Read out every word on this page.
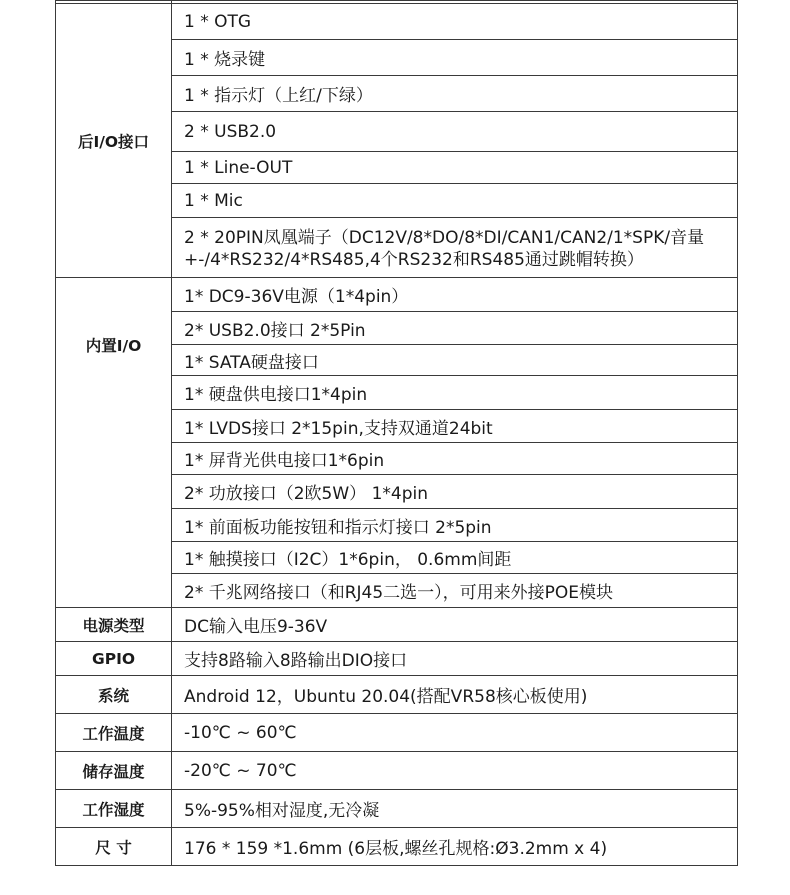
后I/O接口	1 * OTG
	1 * 烧录键
	1 * 指示灯（上红/下绿）
	2 * USB2.0
	1 * Line-OUT
	1 * Mic
	2 * 20PIN凤凰端子（DC12V/8*DO/8*DI/CAN1/CAN2/1*SPK/音量+-/4*RS232/4*RS485,4个RS232和RS485通过跳帽转换）
内置I/O	1* DC9-36V电源（1*4pin）
	2* USB2.0接口 2*5Pin
	1* SATA硬盘接口
	1* 硬盘供电接口1*4pin
	1* LVDS接口 2*15pin,支持双通道24bit
	1* 屏背光供电接口1*6pin
	2* 功放接口（2欧5W） 1*4pin
	1* 前面板功能按钮和指示灯接口 2*5pin
	1* 触摸接口（I2C）1*6pin， 0.6mm间距
	2* 千兆网络接口（和RJ45二选一），可用来外接POE模块
电源类型	DC输入电压9-36V
GPIO	支持8路输入8路输出DIO接口
系统	Android 12，Ubuntu 20.04(搭配VR58核心板使用)
工作温度	-10℃ ~ 60℃
储存温度	-20℃ ~ 70℃
工作湿度	5%-95%相对湿度,无冷凝
尺 寸	176 * 159 *1.6mm (6层板,螺丝孔规格:Ø3.2mm x 4)
